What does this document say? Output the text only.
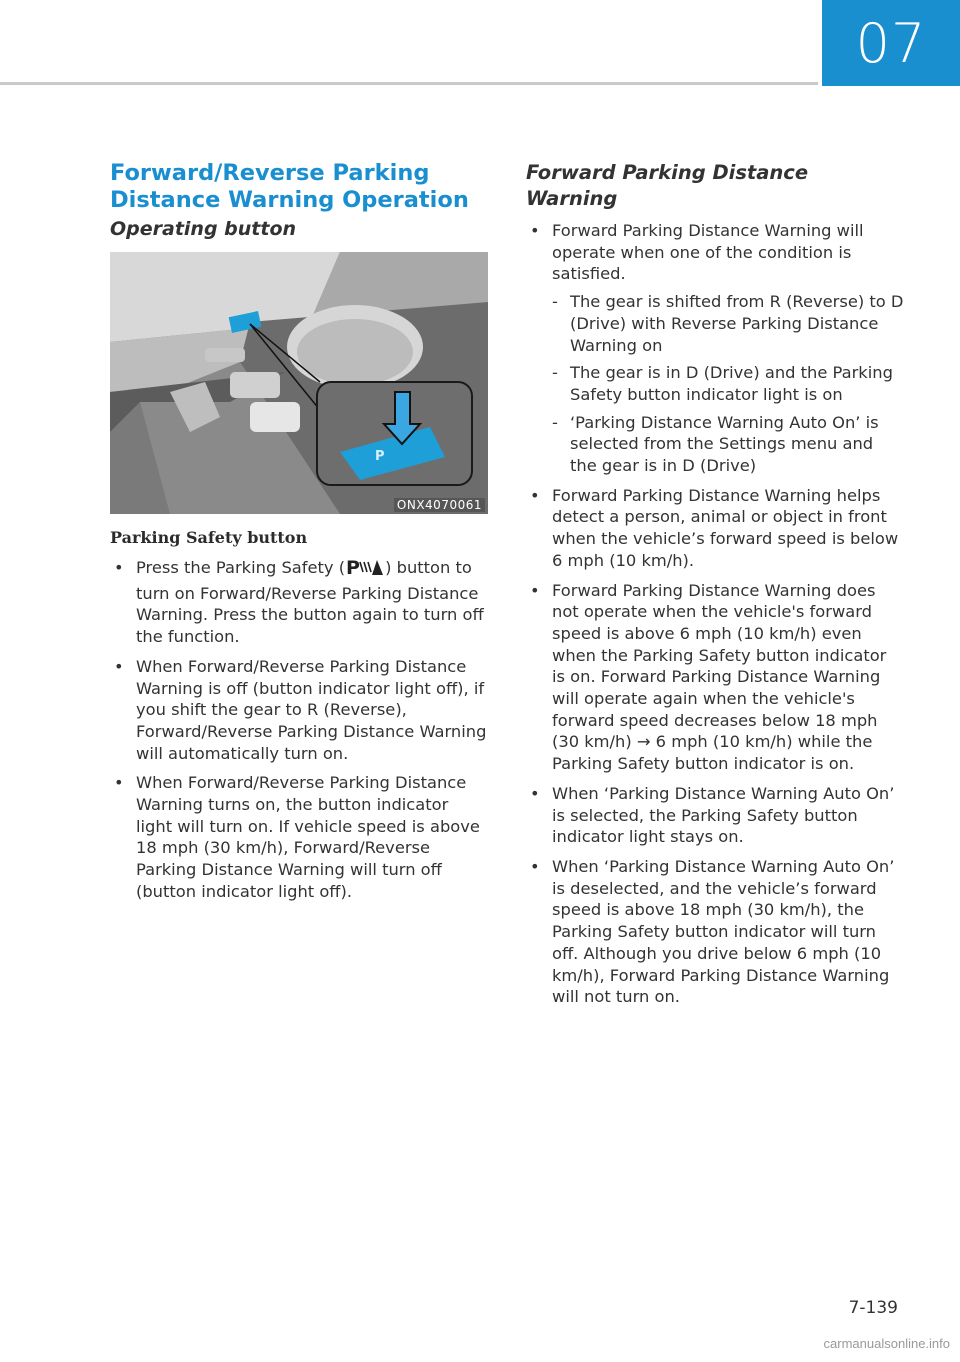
07
Forward/Reverse Parking Distance Warning Operation
Operating button
P
ONX4070061
Parking Safety button
• Press the Parking Safety ( P ) button to turn on Forward/Reverse Parking Distance Warning. Press the button again to turn off the function.
• When Forward/Reverse Parking Distance Warning is off (button indicator light off), if you shift the gear to R (Reverse), Forward/Reverse Parking Distance Warning will automatically turn on.
• When Forward/Reverse Parking Distance Warning turns on, the button indicator light will turn on. If vehicle speed is above 18 mph (30 km/h), Forward/Reverse Parking Distance Warning will turn off (button indicator light off).
Forward Parking Distance Warning
• Forward Parking Distance Warning will operate when one of the condition is satisfied.
- The gear is shifted from R (Reverse) to D (Drive) with Reverse Parking Distance Warning on
- The gear is in D (Drive) and the Parking Safety button indicator light is on
- ‘Parking Distance Warning Auto On’ is selected from the Settings menu and the gear is in D (Drive)
• Forward Parking Distance Warning helps detect a person, animal or object in front when the vehicle’s forward speed is below 6 mph (10 km/h).
• Forward Parking Distance Warning does not operate when the vehicle's forward speed is above 6 mph (10 km/h) even when the Parking Safety button indicator is on. Forward Parking Distance Warning will operate again when the vehicle's forward speed decreases below 18 mph (30 km/h) → 6 mph (10 km/h) while the Parking Safety button indicator is on.
• When ‘Parking Distance Warning Auto On’ is selected, the Parking Safety button indicator light stays on.
• When ‘Parking Distance Warning Auto On’ is deselected, and the vehicle’s forward speed is above 18 mph (30 km/h), the Parking Safety button indicator will turn off. Although you drive below 6 mph (10 km/h), Forward Parking Distance Warning will not turn on.
7-139
carmanualsonline.info
